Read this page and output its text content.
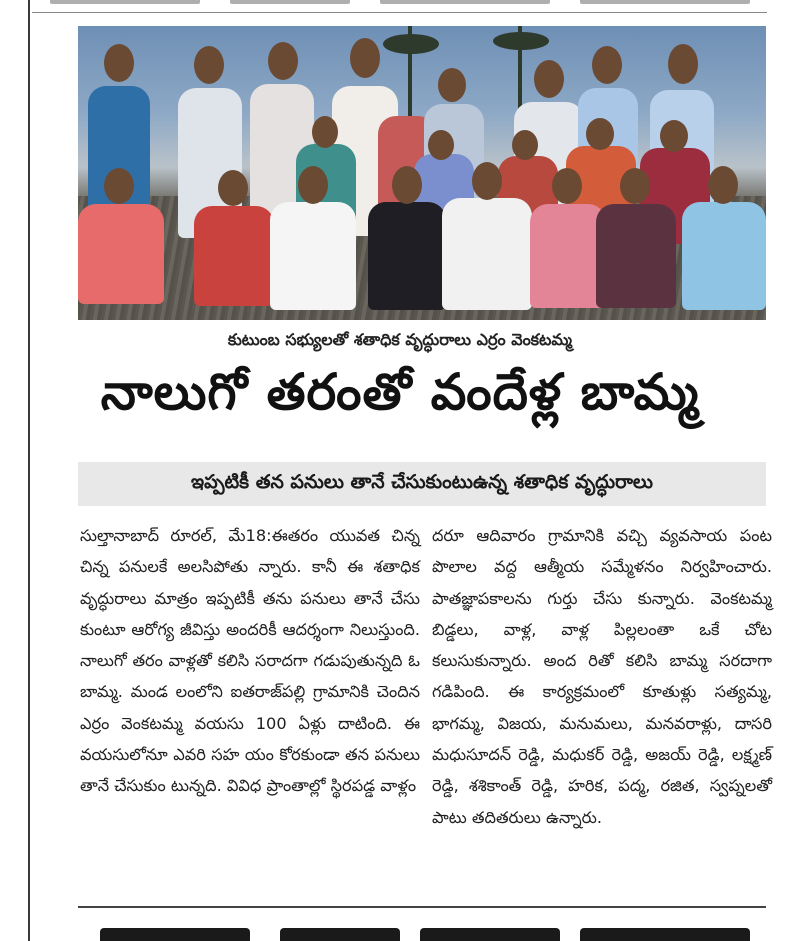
కుటుంబ సభ్యులతో శతాధిక వృద్ధురాలు ఎర్రం వెంకటమ్మ
నాలుగో తరంతో వందేళ్ల బామ్మ
ఇప్పటికీ తన పనులు తానే చేసుకుంటుఉన్న శతాధిక వృద్ధురాలు

సుల్తానాబాద్ రూరల్, మే18:ఈతరం యువత చిన్న చిన్న పనులకే అలసిపోతు న్నారు. కానీ ఈ శతాధిక వృద్ధురాలు మాత్రం ఇప్పటికీ తను పనులు తానే చేసు కుంటూ ఆరోగ్య జీవిస్తు అందరికీ ఆదర్శంగా నిలుస్తుంది. నాలుగో తరం వాళ్లతో కలిసి సరాదగా గడుపుతున్నది ఓ బామ్మ. మండ లంలోని ఐతరాజ్‌పల్లి గ్రామానికి చెందిన ఎర్రం వెంకటమ్మ వయసు 100 ఏళ్లు దాటింది. ఈ వయసులోనూ ఎవరి సహ యం కోరకుండా తన పనులు తానే చేసుకుం టున్నది. వివిధ ప్రాంతాల్లో స్థిరపడ్డ వాళ్లం

దరూ ఆదివారం గ్రామానికి వచ్చి వ్యవసాయ పంట పొలాల వద్ద ఆత్మీయ సమ్మేళనం నిర్వహించారు. పాతజ్ఞాపకాలను గుర్తు చేసు కున్నారు. వెంకటమ్మ బిడ్డలు, వాళ్ల, వాళ్ల పిల్లలంతా ఒకే చోట కలుసుకున్నారు. అంద రితో కలిసి బామ్మ సరదాగా గడిపింది. ఈ కార్యక్రమంలో కూతుళ్లు సత్యమ్మ, భాగమ్మ, విజయ, మనుమలు, మనవరాళ్లు, దాసరి మధుసూదన్ రెడ్డి, మధుకర్ రెడ్డి, అజయ్ రెడ్డి, లక్ష్మణ్ రెడ్డి, శశికాంత్ రెడ్డి, హరిక, పద్మ, రజిత, స్వప్నలతో పాటు తదితరులు ఉన్నారు.
